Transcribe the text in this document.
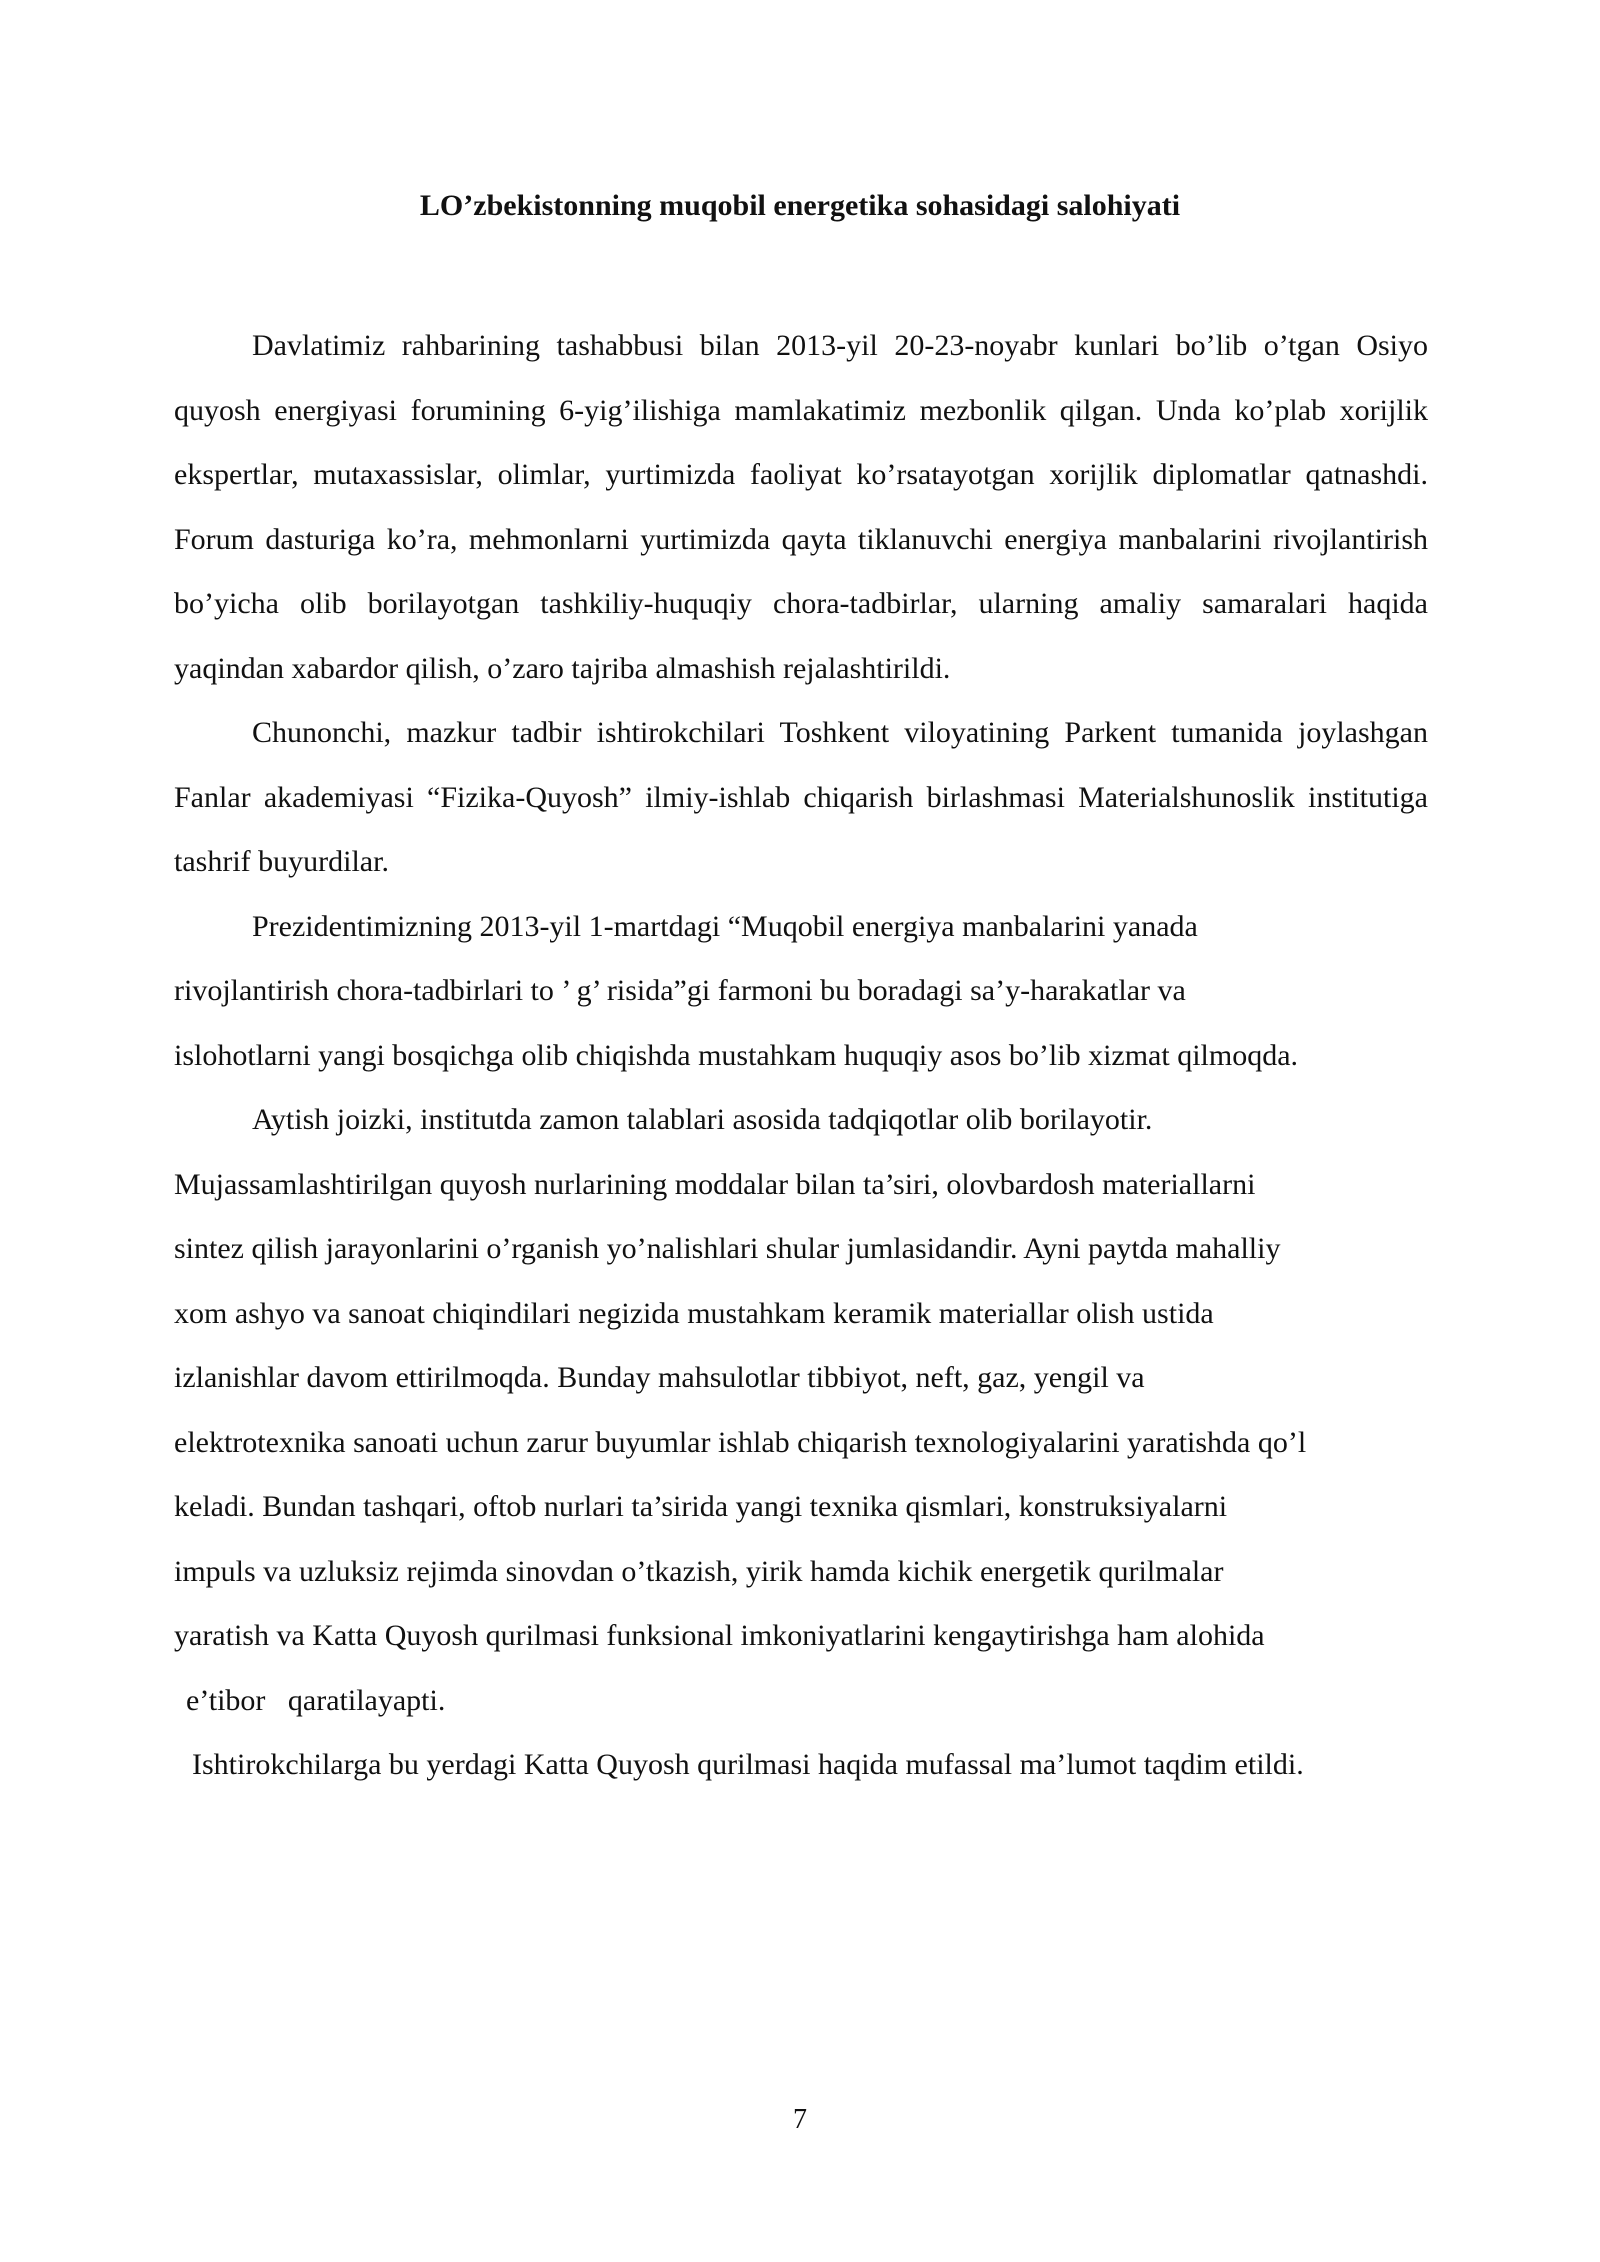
LO’zbekistonning muqobil energetika sohasidagi salohiyati

Davlatimiz rahbarining tashabbusi bilan 2013-yil 20-23-noyabr kunlari bo’lib o’tgan Osiyo quyosh energiyasi forumining 6-yig’ilishiga mamlakatimiz mezbonlik qilgan. Unda ko’plab xorijlik ekspertlar, mutaxassislar, olimlar, yurtimizda faoliyat ko’rsatayotgan xorijlik diplomatlar qatnashdi. Forum dasturiga ko’ra, mehmonlarni yurtimizda qayta tiklanuvchi energiya manbalarini rivojlantirish bo’yicha olib borilayotgan tashkiliy-huquqiy chora-tadbirlar, ularning amaliy samaralari haqida yaqindan xabardor qilish, o’zaro tajriba almashish rejalashtirildi.

Chunonchi, mazkur tadbir ishtirokchilari Toshkent viloyatining Parkent tumanida joylashgan Fanlar akademiyasi “Fizika-Quyosh” ilmiy-ishlab chiqarish birlashmasi Materialshunoslik institutiga tashrif buyurdilar.

Prezidentimizning 2013-yil 1-martdagi “Muqobil energiya manbalarini yanada
rivojlantirish chora-tadbirlari to ’ g’ risida”gi farmoni bu boradagi sa’y-harakatlar va
islohotlarni yangi bosqichga olib chiqishda mustahkam huquqiy asos bo’lib xizmat qilmoqda.

Aytish joizki, institutda zamon talablari asosida tadqiqotlar olib borilayotir.
Mujassamlashtirilgan quyosh nurlarining moddalar bilan ta’siri, olovbardosh materiallarni
sintez qilish jarayonlarini o’rganish yo’nalishlari shular jumlasidandir. Ayni paytda mahalliy
xom ashyo va sanoat chiqindilari negizida mustahkam keramik materiallar olish ustida
izlanishlar davom ettirilmoqda. Bunday mahsulotlar tibbiyot, neft, gaz, yengil va
elektrotexnika sanoati uchun zarur buyumlar ishlab chiqarish texnologiyalarini yaratishda qo’l
keladi. Bundan tashqari, oftob nurlari ta’sirida yangi texnika qismlari, konstruksiyalarni
impuls va uzluksiz rejimda sinovdan o’tkazish, yirik hamda kichik energetik qurilmalar
yaratish va Katta Quyosh qurilmasi funksional imkoniyatlarini kengaytirishga ham alohida
e’tibor   qaratilayapti.

Ishtirokchilarga bu yerdagi Katta Quyosh qurilmasi haqida mufassal ma’lumot taqdim etildi.

7
